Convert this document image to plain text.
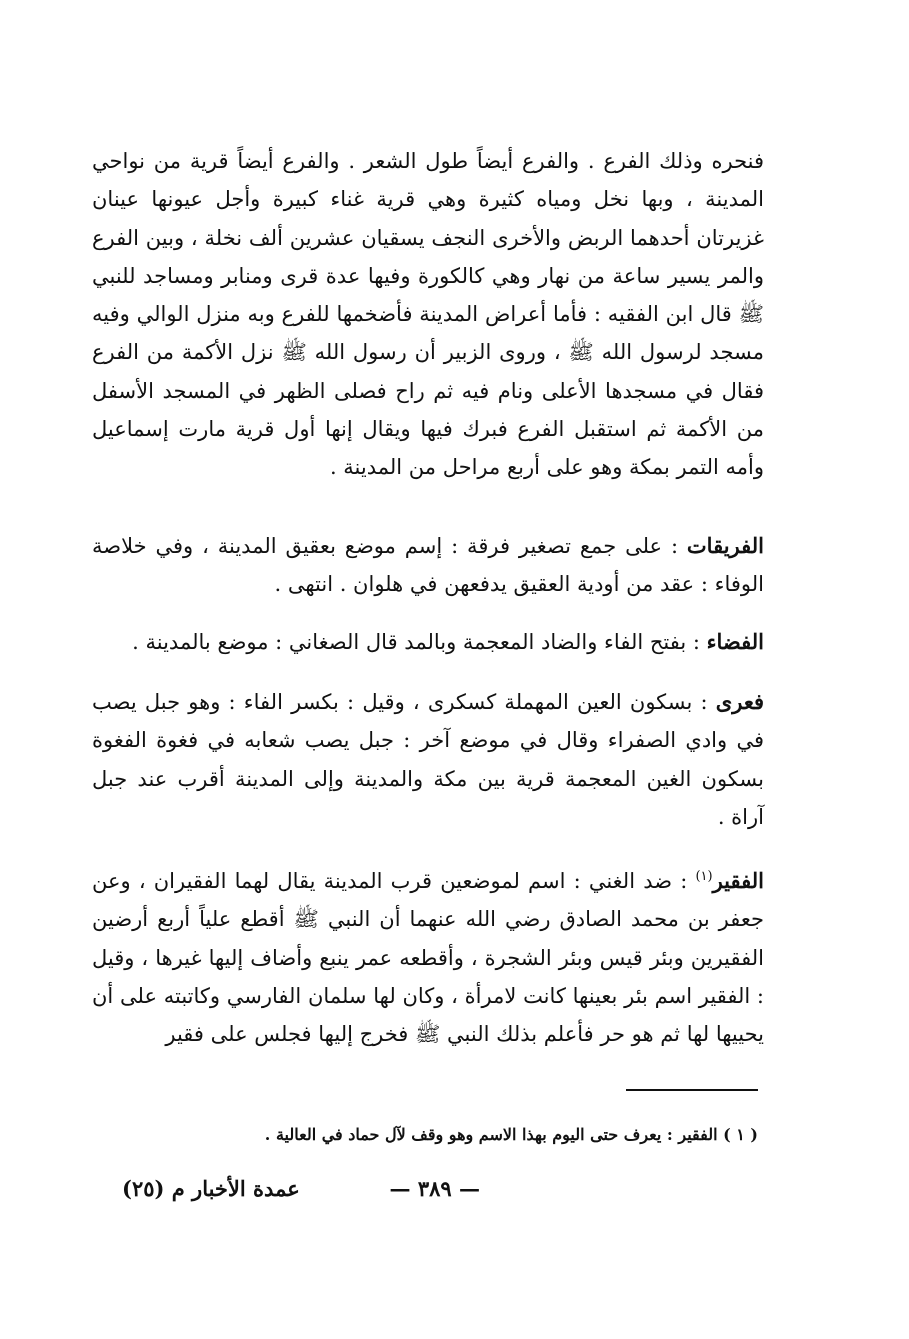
فنحره وذلك الفرع . والفرع أيضاً طول الشعر . والفرع أيضاً قرية من نواحي المدينة ، وبها نخل ومياه كثيرة وهي قرية غناء كبيرة وأجل عيونها عينان غزيرتان أحدهما الربض والأخرى النجف يسقيان عشرين ألف نخلة ، وبين الفرع والمر يسير ساعة من نهار وهي كالكورة وفيها عدة قرى ومنابر ومساجد للنبي ﷺ قال ابن الفقيه : فأما أعراض المدينة فأضخمها للفرع وبه منزل الوالي وفيه مسجد لرسول الله ﷺ ، وروى الزبير أن رسول الله ﷺ نزل الأكمة من الفرع فقال في مسجدها الأعلى ونام فيه ثم راح فصلى الظهر في المسجد الأسفل من الأكمة ثم استقبل الفرع فبرك فيها ويقال إنها أول قرية مارت إسماعيل وأمه التمر بمكة وهو على أربع مراحل من المدينة .

الفريقات : على جمع تصغير فرقة : إسم موضع بعقيق المدينة ، وفي خلاصة الوفاء : عقد من أودية العقيق يدفعهن في هلوان . انتهى .

الفضاء : بفتح الفاء والضاد المعجمة وبالمد قال الصغاني : موضع بالمدينة .

فعرى : بسكون العين المهملة كسكرى ، وقيل : بكسر الفاء : وهو جبل يصب في وادي الصفراء وقال في موضع آخر : جبل يصب شعابه في فغوة الفغوة بسكون الغين المعجمة قرية بين مكة والمدينة وإلى المدينة أقرب عند جبل آراة .

الفقير$^{(١)}$ : ضد الغني : اسم لموضعين قرب المدينة يقال لهما الفقيران ، وعن جعفر بن محمد الصادق رضي الله عنهما أن النبي ﷺ أقطع علياً أربع أرضين الفقيرين وبئر قيس وبئر الشجرة ، وأقطعه عمر ينبع وأضاف إليها غيرها ، وقيل : الفقير اسم بئر بعينها كانت لامرأة ، وكان لها سلمان الفارسي وكاتبته على أن يحييها لها ثم هو حر فأعلم بذلك النبي ﷺ فخرج إليها فجلس على فقير

( ١ ) الفقير : يعرف حتى اليوم بهذا الاسم وهو وقف لآل حماد في العالية .
— ٣٨٩ —
عمدة الأخبار م (٢٥)
